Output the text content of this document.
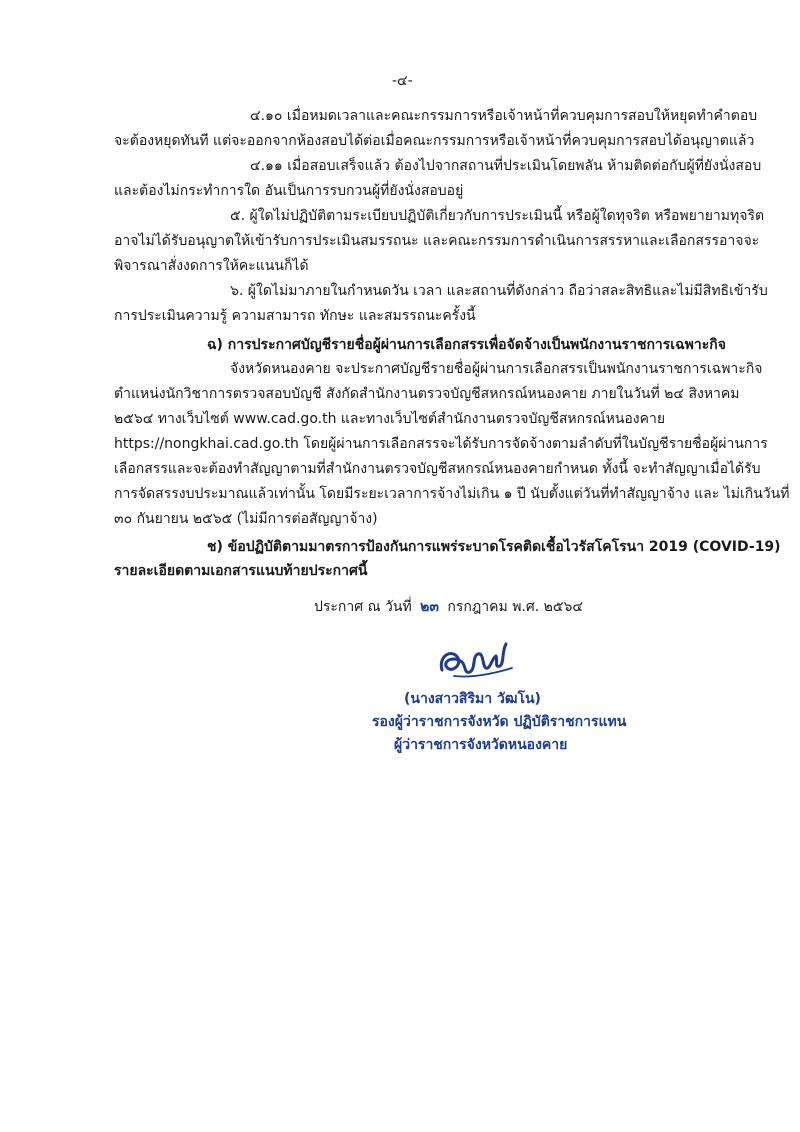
-๔-
๔.๑๐ เมื่อหมดเวลาและคณะกรรมการหรือเจ้าหน้าที่ควบคุมการสอบให้หยุดทำคำตอบ
จะต้องหยุดทันที แต่จะออกจากห้องสอบได้ต่อเมื่อคณะกรรมการหรือเจ้าหน้าที่ควบคุมการสอบได้อนุญาตแล้ว
๔.๑๑ เมื่อสอบเสร็จแล้ว ต้องไปจากสถานที่ประเมินโดยพลัน ห้ามติดต่อกับผู้ที่ยังนั่งสอบ
และต้องไม่กระทำการใด อันเป็นการรบกวนผู้ที่ยังนั่งสอบอยู่
๕. ผู้ใดไม่ปฏิบัติตามระเบียบปฏิบัติเกี่ยวกับการประเมินนี้ หรือผู้ใดทุจริต หรือพยายามทุจริต
อาจไม่ได้รับอนุญาตให้เข้ารับการประเมินสมรรถนะ และคณะกรรมการดำเนินการสรรหาและเลือกสรรอาจจะ
พิจารณาสั่งงดการให้คะแนนก็ได้
๖. ผู้ใดไม่มาภายในกำหนดวัน เวลา และสถานที่ดังกล่าว ถือว่าสละสิทธิและไม่มีสิทธิเข้ารับ
การประเมินความรู้ ความสามารถ ทักษะ และสมรรถนะครั้งนี้
ฉ) การประกาศบัญชีรายชื่อผู้ผ่านการเลือกสรรเพื่อจัดจ้างเป็นพนักงานราชการเฉพาะกิจ
จังหวัดหนองคาย จะประกาศบัญชีรายชื่อผู้ผ่านการเลือกสรรเป็นพนักงานราชการเฉพาะกิจ
ตำแหน่งนักวิชาการตรวจสอบบัญชี สังกัดสำนักงานตรวจบัญชีสหกรณ์หนองคาย ภายในวันที่ ๒๔ สิงหาคม
๒๕๖๔ ทางเว็บไซต์ www.cad.go.th และทางเว็บไซต์สำนักงานตรวจบัญชีสหกรณ์หนองคาย
https://nongkhai.cad.go.th โดยผู้ผ่านการเลือกสรรจะได้รับการจัดจ้างตามลำดับที่ในบัญชีรายชื่อผู้ผ่านการ
เลือกสรรและจะต้องทำสัญญาตามที่สำนักงานตรวจบัญชีสหกรณ์หนองคายกำหนด ทั้งนี้ จะทำสัญญาเมื่อได้รับ
การจัดสรรงบประมาณแล้วเท่านั้น โดยมีระยะเวลาการจ้างไม่เกิน ๑ ปี นับตั้งแต่วันที่ทำสัญญาจ้าง และ ไม่เกินวันที่
๓๐ กันยายน ๒๕๖๕ (ไม่มีการต่อสัญญาจ้าง)
ช) ข้อปฏิบัติตามมาตรการป้องกันการแพร่ระบาดโรคติดเชื้อไวรัสโคโรนา 2019 (COVID-19)
รายละเอียดตามเอกสารแนบท้ายประกาศนี้
ประกาศ ณ วันที่ ๒๓ กรกฎาคม พ.ศ. ๒๕๖๔
(นางสาวสิริมา วัฒโน)
รองผู้ว่าราชการจังหวัด ปฏิบัติราชการแทน
ผู้ว่าราชการจังหวัดหนองคาย
